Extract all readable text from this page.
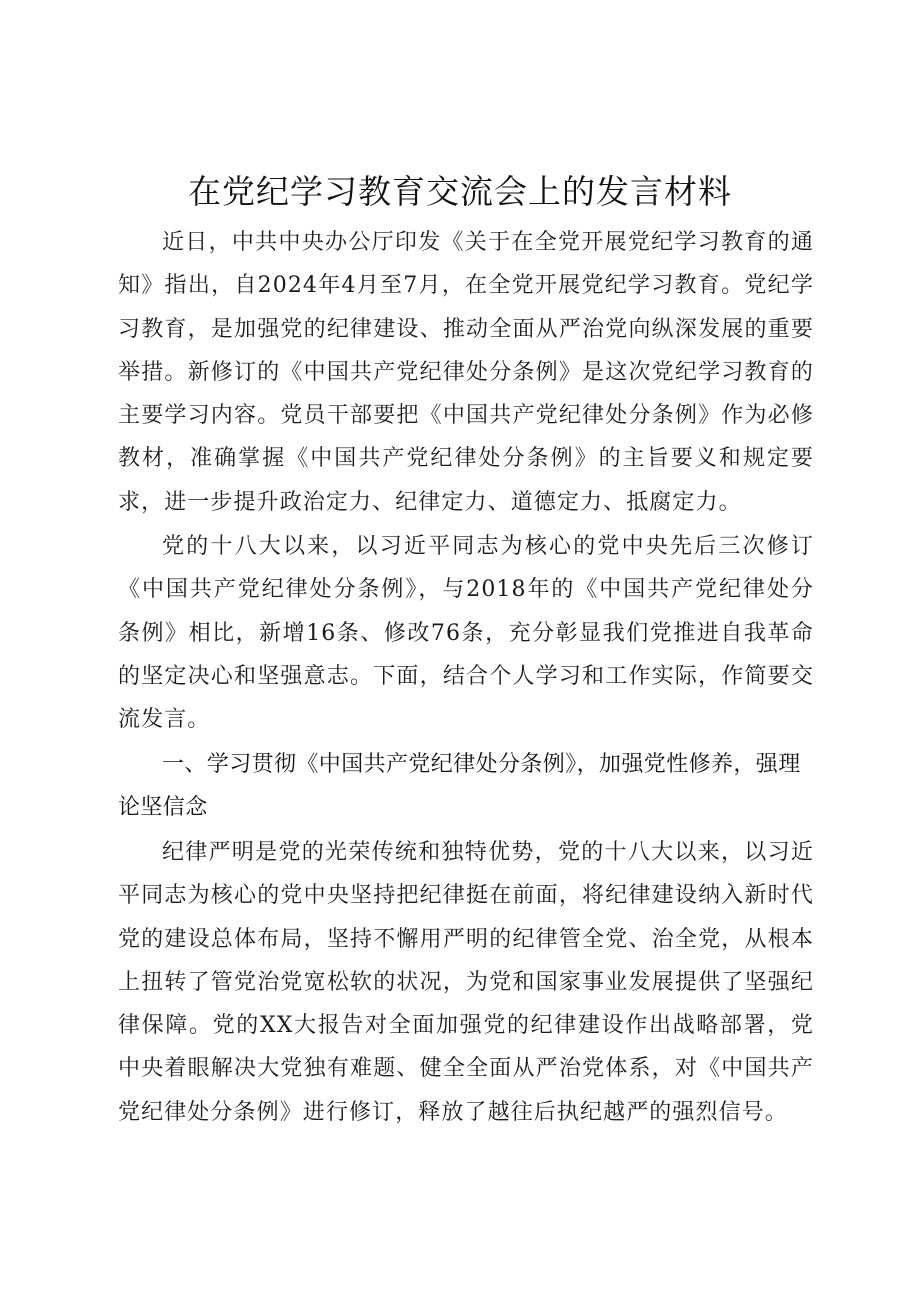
在党纪学习教育交流会上的发言材料

近日，中共中央办公厅印发《关于在全党开展党纪学习教育的通知》指出，自2024年4月至7月，在全党开展党纪学习教育。党纪学习教育，是加强党的纪律建设、推动全面从严治党向纵深发展的重要举措。新修订的《中国共产党纪律处分条例》是这次党纪学习教育的主要学习内容。党员干部要把《中国共产党纪律处分条例》作为必修教材，准确掌握《中国共产党纪律处分条例》的主旨要义和规定要求，进一步提升政治定力、纪律定力、道德定力、抵腐定力。

党的十八大以来，以习近平同志为核心的党中央先后三次修订《中国共产党纪律处分条例》，与2018年的《中国共产党纪律处分条例》相比，新增16条、修改76条，充分彰显我们党推进自我革命的坚定决心和坚强意志。下面，结合个人学习和工作实际，作简要交流发言。

一、学习贯彻《中国共产党纪律处分条例》，加强党性修养，强理论坚信念

纪律严明是党的光荣传统和独特优势，党的十八大以来，以习近平同志为核心的党中央坚持把纪律挺在前面，将纪律建设纳入新时代党的建设总体布局，坚持不懈用严明的纪律管全党、治全党，从根本上扭转了管党治党宽松软的状况，为党和国家事业发展提供了坚强纪律保障。党的XX大报告对全面加强党的纪律建设作出战略部署，党中央着眼解决大党独有难题、健全全面从严治党体系，对《中国共产党纪律处分条例》进行修订，释放了越往后执纪越严的强烈信号。
